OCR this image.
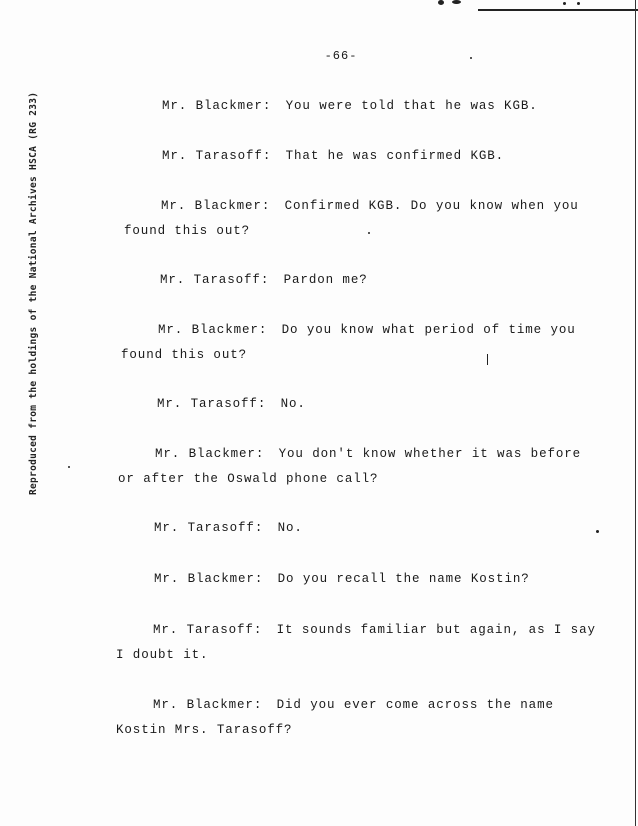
-66-
Reproduced from the holdings of the National Archives HSCA (RG 233)	Mr. Blackmer: You were told that he was KGB.
Mr. Tarasoff: That he was confirmed KGB.
Mr. Blackmer: Confirmed KGB. Do you know when you
found this out?
Mr. Tarasoff: Pardon me?
Mr. Blackmer: Do you know what period of time you
found this out?
Mr. Tarasoff: No.
Mr. Blackmer: You don't know whether it was before
or after the Oswald phone call?
Mr. Tarasoff: No.
Mr. Blackmer: Do you recall the name Kostin?
Mr. Tarasoff: It sounds familiar but again, as I say
I doubt it.
Mr. Blackmer: Did you ever come across the name
Kostin Mrs. Tarasoff?
